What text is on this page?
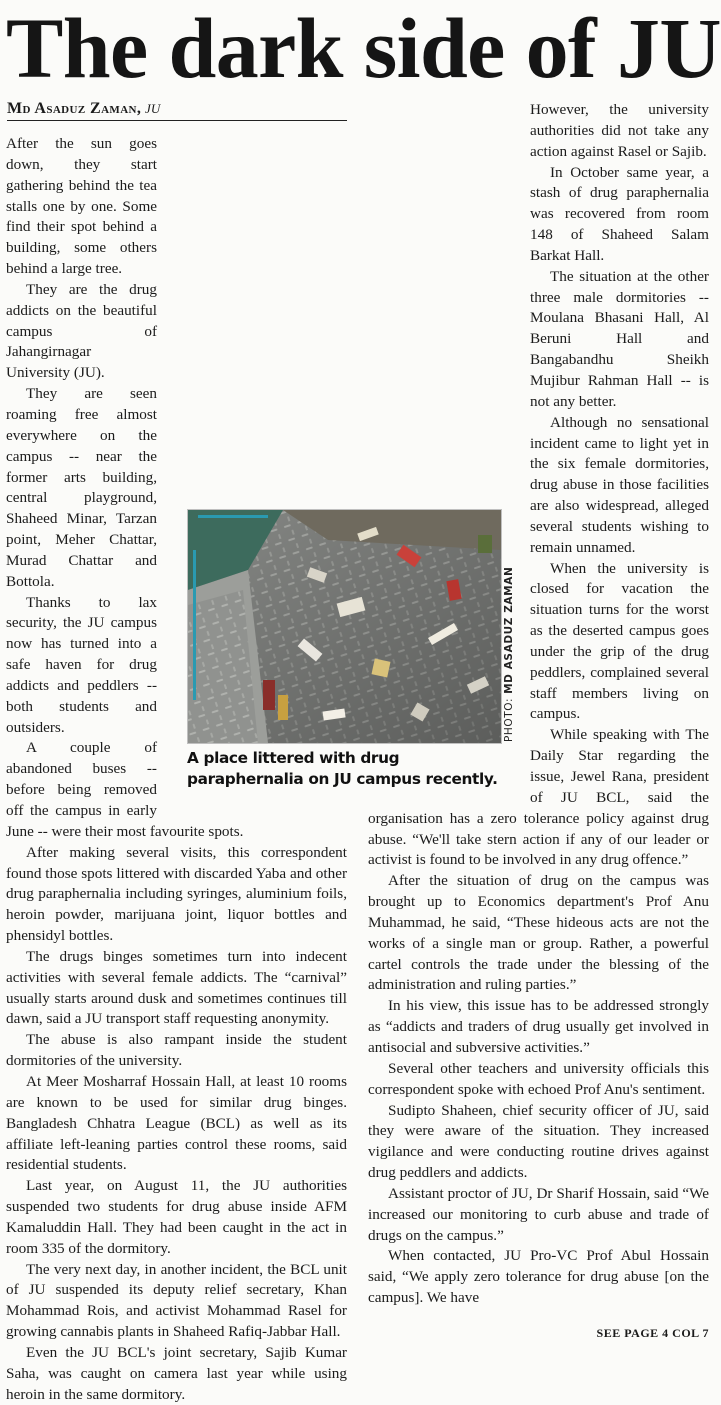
The dark side of JU
Md Asaduz Zaman, JU

After the sun goes down, they start gathering behind the tea stalls one by one. Some find their spot behind a building, some others behind a large tree.

They are the drug addicts on the beautiful campus of Jahangirnagar University (JU).

They are seen roaming free almost everywhere on the campus -- near the former arts building, central playground, Shaheed Minar, Tarzan point, Meher Chattar, Murad Chattar and Bottola.

Thanks to lax security, the JU campus now has turned into a safe haven for drug addicts and peddlers -- both students and outsiders.

A couple of abandoned buses -- before being removed off the campus in early June -- were their most favourite spots.

After making several visits, this correspondent found those spots littered with discarded Yaba and other drug paraphernalia including syringes, aluminium foils, heroin powder, marijuana joint, liquor bottles and phensidyl bottles.

The drugs binges sometimes turn into indecent activities with several female addicts. The “carnival” usually starts around dusk and sometimes continues till dawn, said a JU transport staff requesting anonymity.

The abuse is also rampant inside the student dormitories of the university.

At Meer Mosharraf Hossain Hall, at least 10 rooms are known to be used for similar drug binges. Bangladesh Chhatra League (BCL) as well as its affiliate left-leaning parties control these rooms, said residential students.

Last year, on August 11, the JU authorities suspended two students for drug abuse inside AFM Kamaluddin Hall. They had been caught in the act in room 335 of the dormitory.

The very next day, in another incident, the BCL unit of JU suspended its deputy relief secretary, Khan Mohammad Rois, and activist Mohammad Rasel for growing cannabis plants in Shaheed Rafiq-Jabbar Hall.

Even the JU BCL's joint secretary, Sajib Kumar Saha, was caught on camera last year while using heroin in the same dormitory.

However, the university authorities did not take any action against Rasel or Sajib.

In October same year, a stash of drug paraphernalia was recovered from room 148 of Shaheed Salam Barkat Hall.

The situation at the other three male dormitories -- Moulana Bhasani Hall, Al Beruni Hall and Bangabandhu Sheikh Mujibur Rahman Hall -- is not any better.

Although no sensational incident came to light yet in the six female dormitories, drug abuse in those facilities are also widespread, alleged several students wishing to remain unnamed.

When the university is closed for vacation the situation turns for the worst as the deserted campus goes under the grip of the drug peddlers, complained several staff members living on campus.

While speaking with The Daily Star regarding the issue, Jewel Rana, president of JU BCL, said the organisation has a zero tolerance policy against drug abuse. “We'll take stern action if any of our leader or activist is found to be involved in any drug offence.”

After the situation of drug on the campus was brought up to Economics department's Prof Anu Muhammad, he said, “These hideous acts are not the works of a single man or group. Rather, a powerful cartel controls the trade under the blessing of the administration and ruling parties.”

In his view, this issue has to be addressed strongly as “addicts and traders of drug usually get involved in antisocial and subversive activities.”

Several other teachers and university officials this correspondent spoke with echoed Prof Anu's sentiment.

Sudipto Shaheen, chief security officer of JU, said they were aware of the situation. They increased vigilance and were conducting routine drives against drug peddlers and addicts.

Assistant proctor of JU, Dr Sharif Hossain, said “We increased our monitoring to curb abuse and trade of drugs on the campus.”

When contacted, JU Pro-VC Prof Abul Hossain said, “We apply zero tolerance for drug abuse [on the campus]. We have

PHOTO: MD ASADUZ ZAMAN
A place littered with drug paraphernalia on JU campus recently.
SEE PAGE 4 COL 7
